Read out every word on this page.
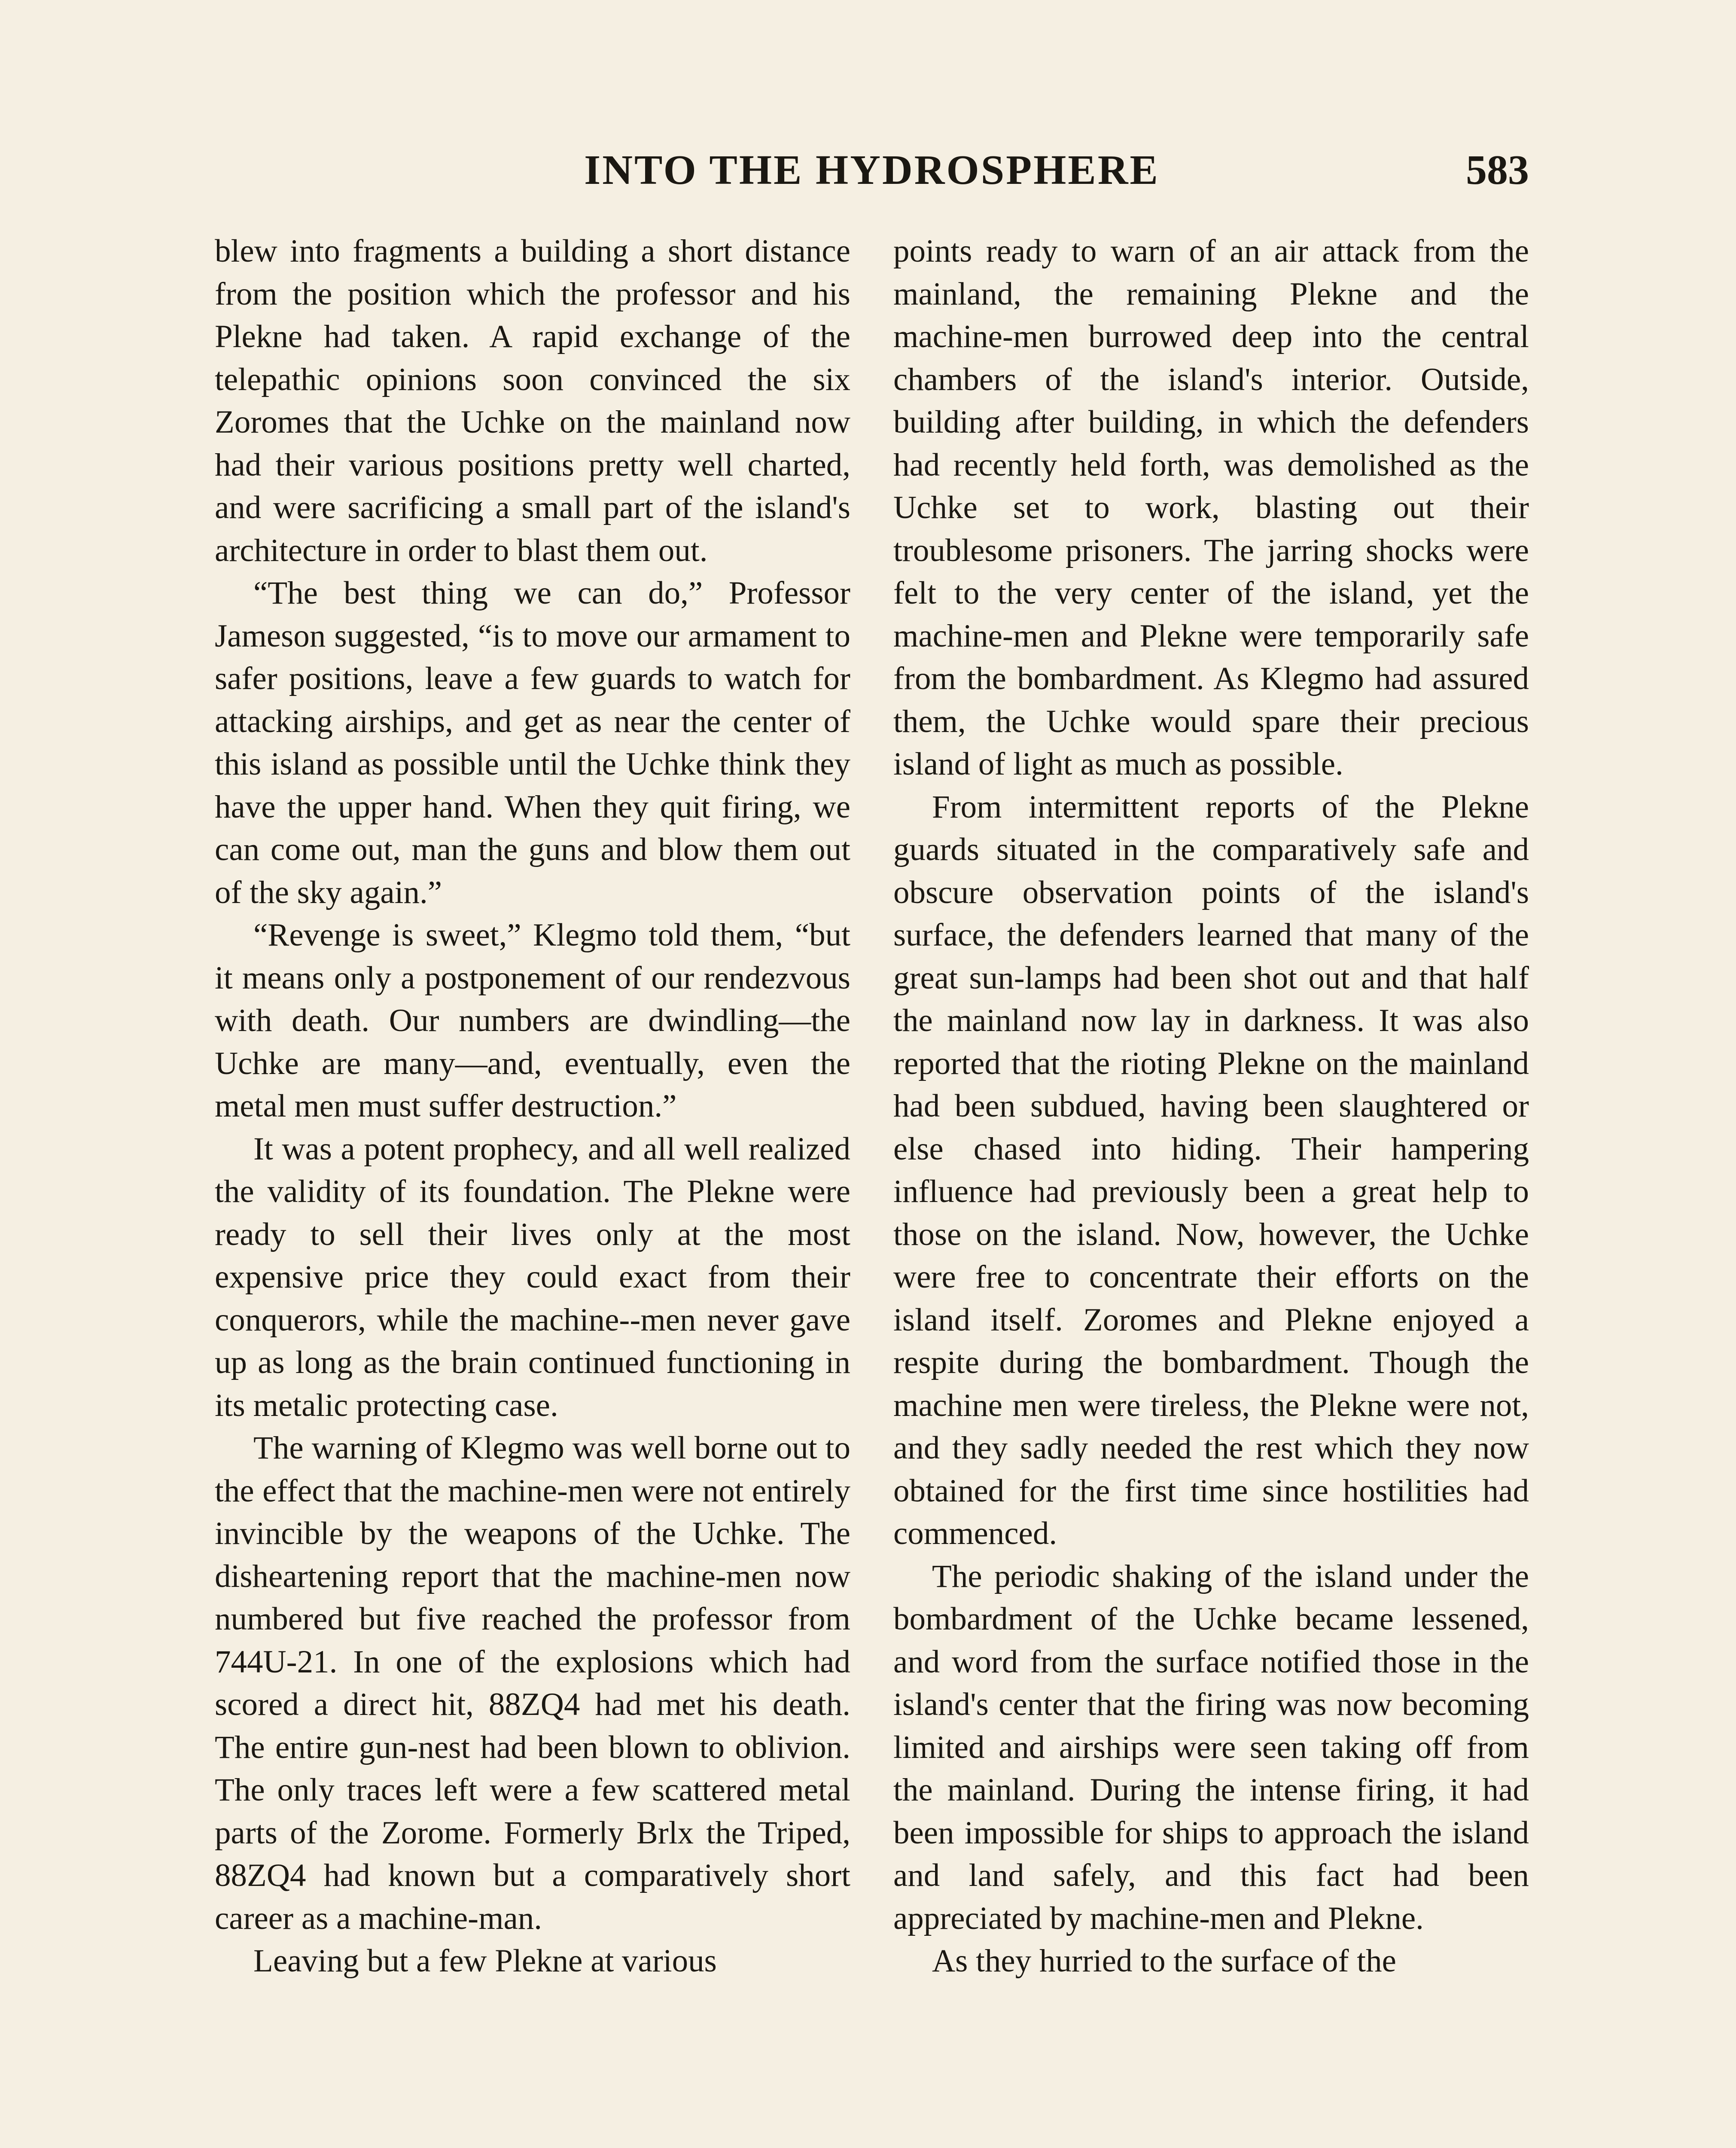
INTO THE HYDROSPHERE	583

blew into fragments a building a short distance from the position which the professor and his Plekne had taken. A rapid exchange of the telepathic opinions soon convinced the six Zoromes that the Uchke on the mainland now had their various positions pretty well charted, and were sacrificing a small part of the island's architecture in order to blast them out.

“The best thing we can do,” Professor Jameson suggested, “is to move our armament to safer positions, leave a few guards to watch for attacking airships, and get as near the center of this island as possible until the Uchke think they have the upper hand. When they quit firing, we can come out, man the guns and blow them out of the sky again.”

“Revenge is sweet,” Klegmo told them, “but it means only a postponement of our rendezvous with death. Our numbers are dwindling—the Uchke are many—and, eventually, even the metal men must suffer destruction.”

It was a potent prophecy, and all well realized the validity of its foundation. The Plekne were ready to sell their lives only at the most expensive price they could exact from their conquerors, while the machine--men never gave up as long as the brain continued functioning in its metalic protecting case.

The warning of Klegmo was well borne out to the effect that the machine-men were not entirely invincible by the weapons of the Uchke. The disheartening report that the machine-men now numbered but five reached the professor from 744U-21. In one of the explosions which had scored a direct hit, 88ZQ4 had met his death. The entire gun-nest had been blown to oblivion. The only traces left were a few scattered metal parts of the Zorome. Formerly Brlx the Triped, 88ZQ4 had known but a comparatively short career as a machine-man.

Leaving but a few Plekne at various

points ready to warn of an air attack from the mainland, the remaining Plekne and the machine-men burrowed deep into the central chambers of the island's interior. Outside, building after building, in which the defenders had recently held forth, was demolished as the Uchke set to work, blasting out their troublesome prisoners. The jarring shocks were felt to the very center of the island, yet the machine-men and Plekne were temporarily safe from the bombardment. As Klegmo had assured them, the Uchke would spare their precious island of light as much as possible.

From intermittent reports of the Plekne guards situated in the comparatively safe and obscure observation points of the island's surface, the defenders learned that many of the great sun-lamps had been shot out and that half the mainland now lay in darkness. It was also reported that the rioting Plekne on the mainland had been subdued, having been slaughtered or else chased into hiding. Their hampering influence had previously been a great help to those on the island. Now, however, the Uchke were free to concentrate their efforts on the island itself. Zoromes and Plekne enjoyed a respite during the bombardment. Though the machine men were tireless, the Plekne were not, and they sadly needed the rest which they now obtained for the first time since hostilities had commenced.

The periodic shaking of the island under the bombardment of the Uchke became lessened, and word from the surface notified those in the island's center that the firing was now becoming limited and airships were seen taking off from the mainland. During the intense firing, it had been impossible for ships to approach the island and land safely, and this fact had been appreciated by machine-men and Plekne.

As they hurried to the surface of the
